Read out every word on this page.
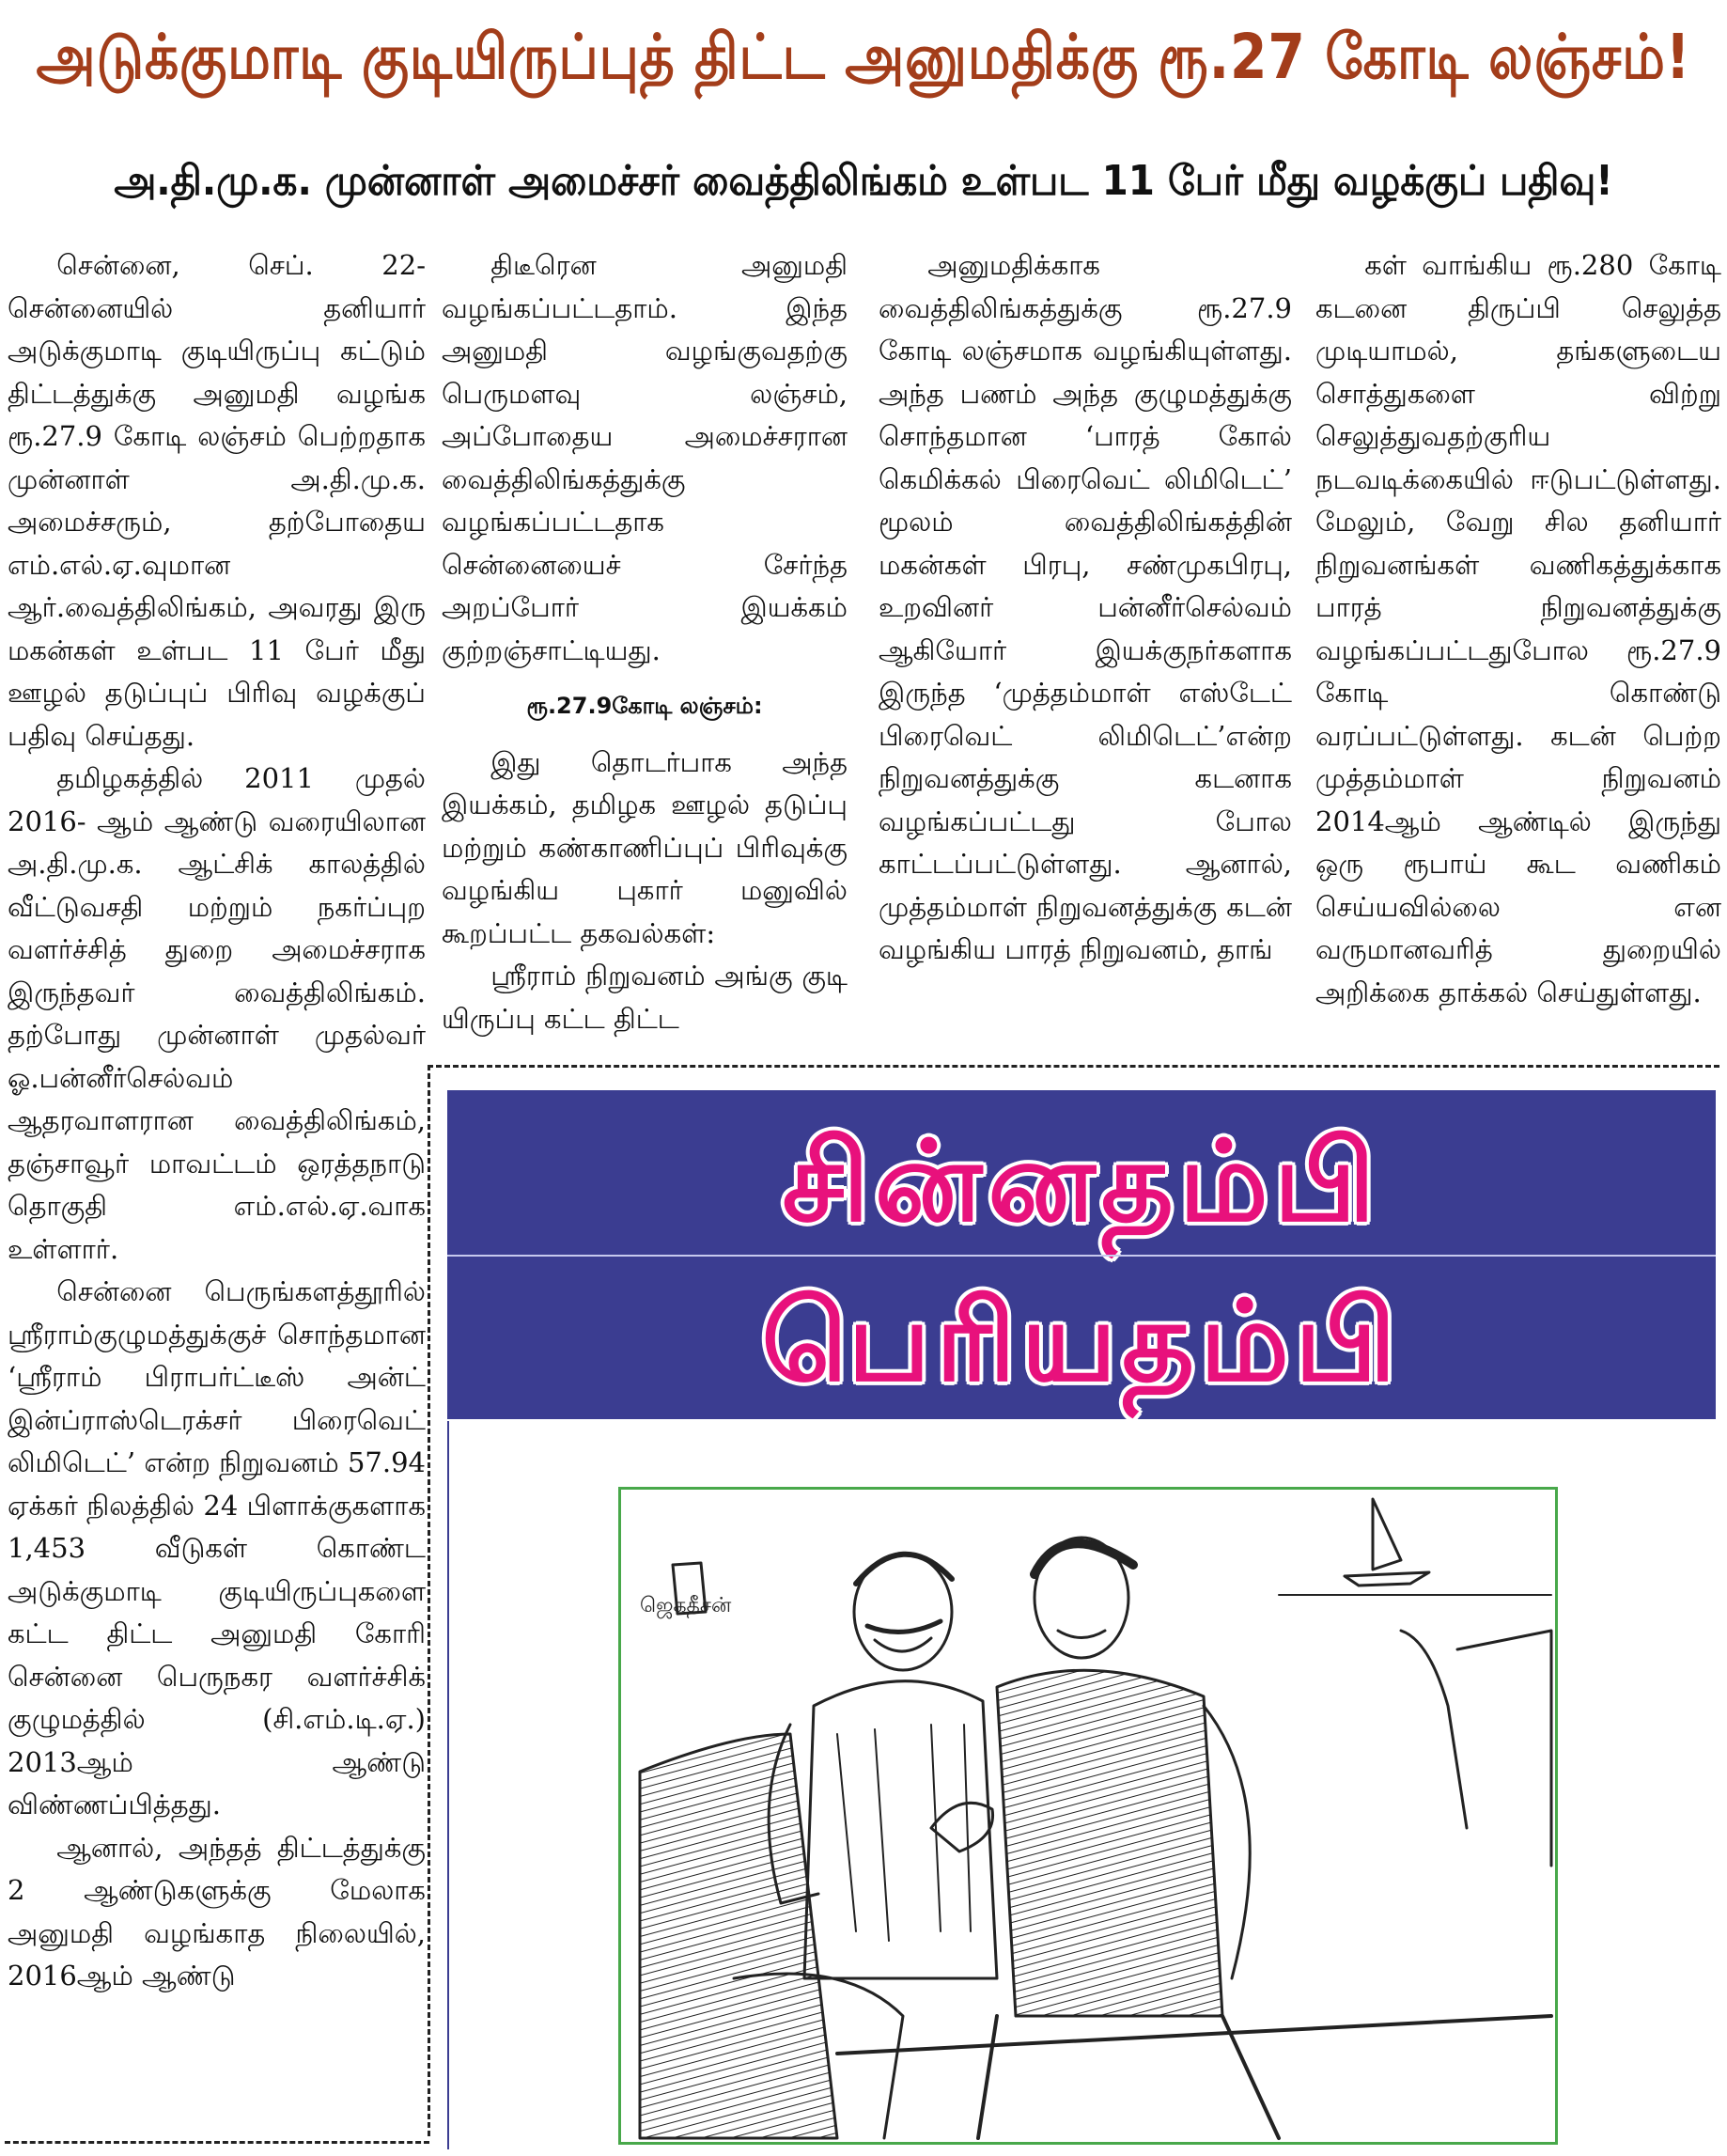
அடுக்குமாடி குடியிருப்புத் திட்ட அனுமதிக்கு ரூ.27 கோடி லஞ்சம்!
அ.தி.மு.க. முன்னாள் அமைச்சர் வைத்திலிங்கம் உள்பட 11 பேர் மீது வழக்குப் பதிவு!

சென்னை, செப். 22- சென்னையில் தனியார் அடுக்குமாடி குடியிருப்பு கட்டும் திட்டத்துக்கு அனுமதி வழங்க ரூ.27.9 கோடி லஞ்சம் பெற்றதாக முன்னாள் அ.தி.மு.க. அமைச்சரும், தற்போதைய எம்.எல்.ஏ.வுமான ஆர்.வைத்திலிங்கம், அவரது இரு மகன்கள் உள்பட 11 பேர் மீது ஊழல் தடுப்புப் பிரிவு வழக்குப் பதிவு செய்தது.

தமிழகத்தில் 2011 முதல் 2016- ஆம் ஆண்டு வரையிலான அ.தி.மு.க. ஆட்சிக் காலத்தில் வீட்டுவசதி மற்றும் நகர்ப்புற வளர்ச்சித் துறை அமைச்சராக இருந்தவர் வைத்திலிங்கம். தற்போது முன்னாள் முதல்வர் ஓ.பன்னீர்செல்வம் ஆதரவாளரான வைத்திலிங்கம், தஞ்சாவூர் மாவட்டம் ஒரத்தநாடு தொகுதி எம்.எல்.ஏ.வாக உள்ளார்.

சென்னை பெருங்களத்தூரில் ஸ்ரீராம்குழுமத்துக்குச் சொந்தமான ‘ஸ்ரீராம் பிராபர்ட்டீஸ் அன்ட் இன்ப்ராஸ்டெரக்சர் பிரைவெட் லிமிடெட்’ என்ற நிறுவனம் 57.94 ஏக்கர் நிலத்தில் 24 பிளாக்குகளாக 1,453 வீடுகள் கொண்ட அடுக்குமாடி குடியிருப்புகளை கட்ட திட்ட அனுமதி கோரி சென்னை பெருநகர வளர்ச்சிக் குழுமத்தில் (சி.எம்.டி.ஏ.) 2013ஆம் ஆண்டு விண்ணப்பித்தது.

ஆனால், அந்தத் திட்டத்துக்கு 2 ஆண்டுகளுக்கு மேலாக அனுமதி வழங்காத நிலையில், 2016ஆம் ஆண்டு

திடீரென அனுமதி வழங்கப்பட்டதாம். இந்த அனுமதி வழங்குவதற்கு பெருமளவு லஞ்சம், அப்போதைய அமைச்சரான வைத்திலிங்கத்துக்கு வழங்கப்பட்டதாக சென்னையைச் சேர்ந்த அறப்போர் இயக்கம் குற்றஞ்சாட்டியது.

ரூ.27.9கோடி லஞ்சம்:

இது தொடர்பாக அந்த இயக்கம், தமிழக ஊழல் தடுப்பு மற்றும் கண்காணிப்புப் பிரிவுக்கு வழங்கிய புகார் மனுவில் கூறப்பட்ட தகவல்கள்:

ஸ்ரீராம் நிறுவனம் அங்கு குடி யிருப்பு கட்ட திட்ட

அனுமதிக்காக வைத்திலிங்கத்துக்கு ரூ.27.9 கோடி லஞ்சமாக வழங்கியுள்ளது. அந்த பணம் அந்த குழுமத்துக்கு சொந்தமான ‘பாரத் கோல் கெமிக்கல் பிரைவெட் லிமிடெட்’ மூலம் வைத்திலிங்கத்தின் மகன்கள் பிரபு, சண்முகபிரபு, உறவினர் பன்னீர்செல்வம் ஆகியோர் இயக்குநர்களாக இருந்த ‘முத்தம்மாள் எஸ்டேட் பிரைவெட் லிமிடெட்’என்ற நிறுவனத்துக்கு கடனாக வழங்கப்பட்டது போல காட்டப்பட்டுள்ளது. ஆனால், முத்தம்மாள் நிறுவனத்துக்கு கடன் வழங்கிய பாரத் நிறுவனம், தாங்

கள் வாங்கிய ரூ.280 கோடி கடனை திருப்பி செலுத்த முடியாமல், தங்களுடைய சொத்துகளை விற்று செலுத்துவதற்குரிய நடவடிக்கையில் ஈடுபட்டுள்ளது. மேலும், வேறு சில தனியார் நிறுவனங்கள் வணிகத்துக்காக பாரத் நிறுவனத்துக்கு வழங்கப்பட்டதுபோல ரூ.27.9 கோடி கொண்டு வரப்பட்டுள்ளது. கடன் பெற்ற முத்தம்மாள் நிறுவனம் 2014ஆம் ஆண்டில் இருந்து ஒரு ரூபாய் கூட வணிகம் செய்யவில்லை என வருமானவரித் துறையில் அறிக்கை தாக்கல் செய்துள்ளது.

சின்னதம்பி
பெரியதம்பி
ஜெகதீசன்
